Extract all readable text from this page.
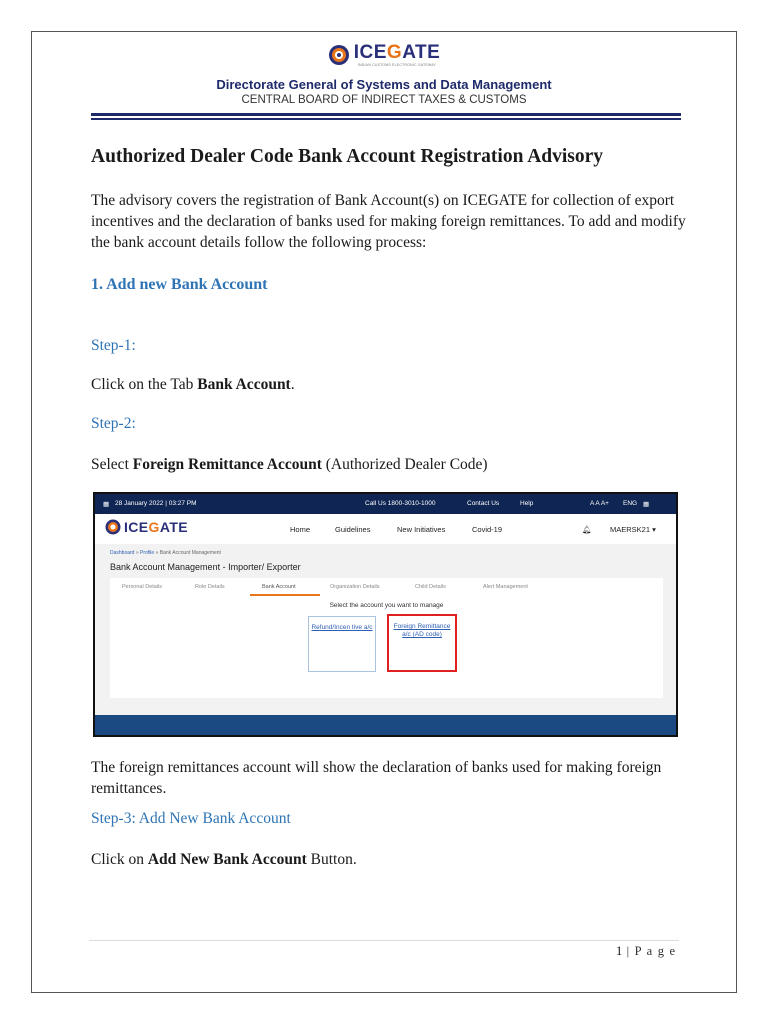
ICEGATE
INDIAN CUSTOMS ELECTRONIC GATEWAY
Directorate General of Systems and Data Management
CENTRAL BOARD OF INDIRECT TAXES & CUSTOMS
Authorized Dealer Code Bank Account Registration Advisory
The advisory covers the registration of Bank Account(s) on ICEGATE for collection of export incentives and the declaration of banks used for making foreign remittances. To add and modify the bank account details follow the following process:
1. Add new Bank Account
Step-1:
Click on the Tab Bank Account.
Step-2:
Select Foreign Remittance Account (Authorized Dealer Code)
▦ 28 January 2022 | 03:27 PM	Call Us 1800-3010-1000	Contact Us	Help	A A A+ ENG ▦
ICEGATE	Home	Guidelines	New Initiatives	Covid-19	🔔︎ MAERSK21 ▾
Dashboard » Profile » Bank Account Management
Bank Account Management - Importer/ Exporter
Personal Details	Role Details	Bank Account	Organization Details	Child Details	Alert Management
Select the account you want to manage
Refund/Incen tive a/c	Foreign Remittance a/c (AD code)
The foreign remittances account will show the declaration of banks used for making foreign remittances.
Step-3: Add New Bank Account
Click on Add New Bank Account Button.
1 | P a g e
